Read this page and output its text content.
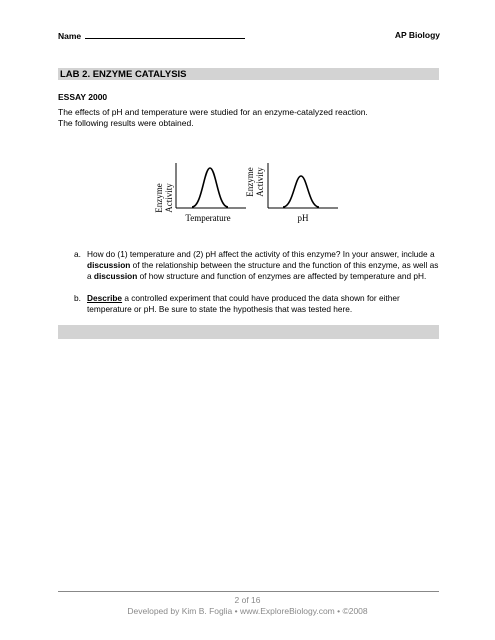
Name	AP Biology
LAB 2. ENZYME CATALYSIS
ESSAY 2000
The effects of pH and temperature were studied for an enzyme-catalyzed reaction.
The following results were obtained.
Enzyme Activity
Temperature
Enzyme Activity
pH
a. How do (1) temperature and (2) pH affect the activity of this enzyme? In your answer, include a discussion of the relationship between the structure and the function of this enzyme, as well as a discussion of how structure and function of enzymes are affected by temperature and pH.
b. Describe a controlled experiment that could have produced the data shown for either temperature or pH. Be sure to state the hypothesis that was tested here.
2 of 16
Developed by Kim B. Foglia • www.ExploreBiology.com • ©2008
